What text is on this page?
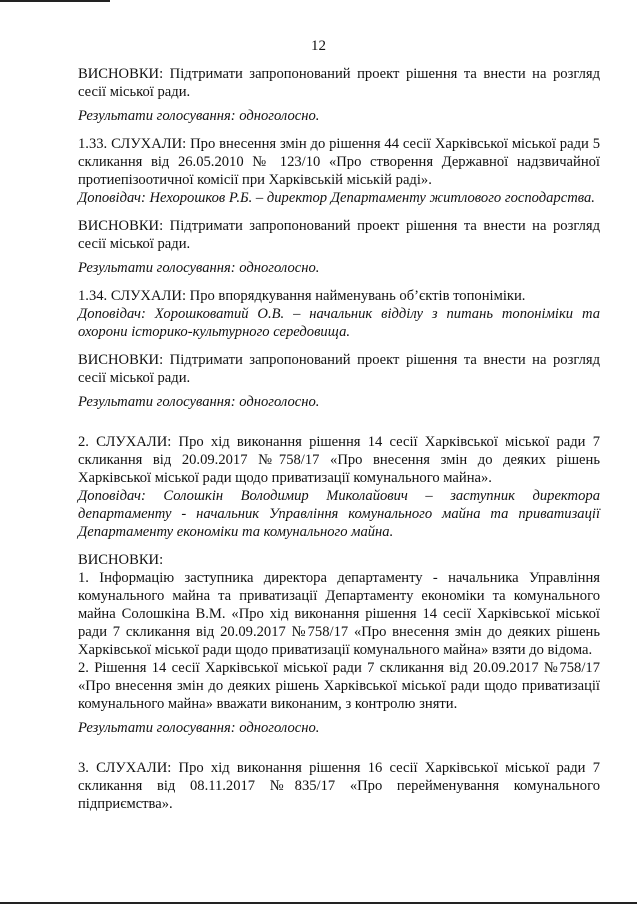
12

ВИСНОВКИ: Підтримати запропонований проект рішення та внести на розгляд сесії міської ради.

Результати голосування: одноголосно.

1.33. СЛУХАЛИ: Про внесення змін до рішення 44 сесії Харківської міської ради 5 скликання від 26.05.2010 № 123/10 «Про створення Державної надзвичайної протиепізоотичної комісії при Харківській міській раді».

Доповідач: Нехорошков Р.Б. – директор Департаменту житлового господарства.

ВИСНОВКИ: Підтримати запропонований проект рішення та внести на розгляд сесії міської ради.

Результати голосування: одноголосно.

1.34. СЛУХАЛИ: Про впорядкування найменувань об’єктів топоніміки.

Доповідач: Хорошковатий О.В. – начальник відділу з питань топоніміки та охорони історико-культурного середовища.

ВИСНОВКИ: Підтримати запропонований проект рішення та внести на розгляд сесії міської ради.

Результати голосування: одноголосно.

2. СЛУХАЛИ: Про хід виконання рішення 14 сесії Харківської міської ради 7 скликання від 20.09.2017 №758/17 «Про внесення змін до деяких рішень Харківської міської ради щодо приватизації комунального майна».

Доповідач: Солошкін Володимир Миколайович – заступник директора департаменту - начальник Управління комунального майна та приватизації Департаменту економіки та комунального майна.

ВИСНОВКИ:

1. Інформацію заступника директора департаменту - начальника Управління комунального майна та приватизації Департаменту економіки та комунального майна Солошкіна В.М. «Про хід виконання рішення 14 сесії Харківської міської ради 7 скликання від 20.09.2017 №758/17 «Про внесення змін до деяких рішень Харківської міської ради щодо приватизації комунального майна» взяти до відома.

2. Рішення 14 сесії Харківської міської ради 7 скликання від 20.09.2017 №758/17 «Про внесення змін до деяких рішень Харківської міської ради щодо приватизації комунального майна» вважати виконаним, з контролю зняти.

Результати голосування: одноголосно.

3. СЛУХАЛИ: Про хід виконання рішення 16 сесії Харківської міської ради 7 скликання від 08.11.2017 №835/17 «Про перейменування комунального підприємства».
